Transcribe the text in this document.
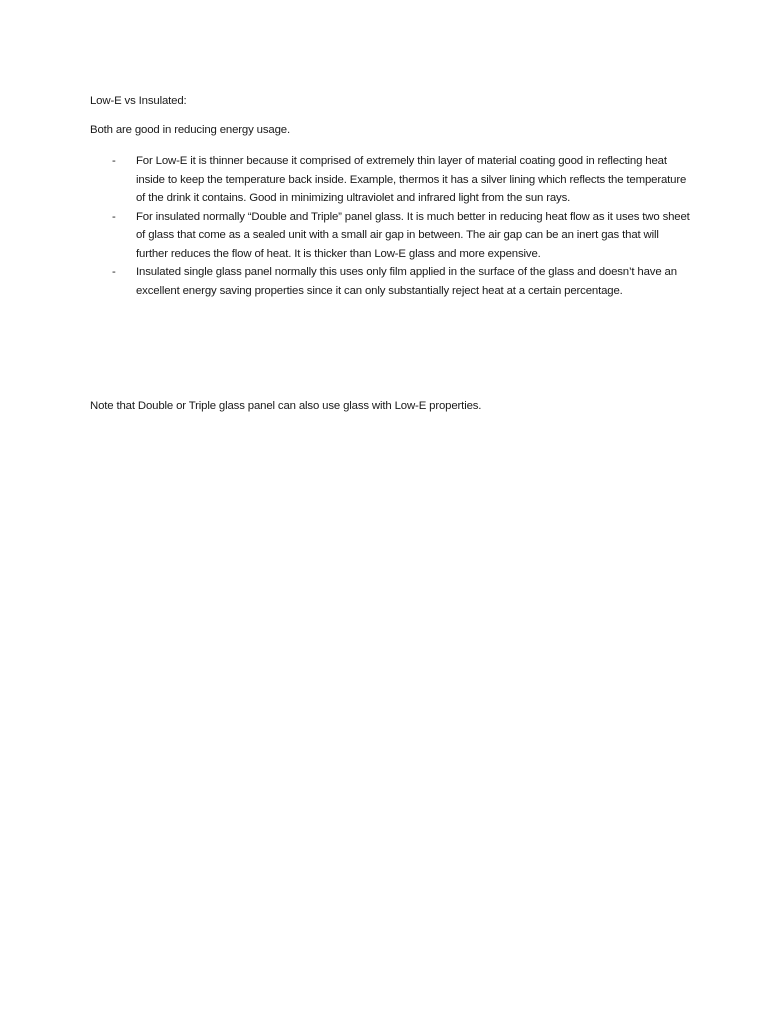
Low-E vs Insulated:

Both are good in reducing energy usage.

- For Low-E it is thinner because it comprised of extremely thin layer of material coating good in reflecting heat inside to keep the temperature back inside. Example, thermos it has a silver lining which reflects the temperature of the drink it contains. Good in minimizing ultraviolet and infrared light from the sun rays.
- For insulated normally “Double and Triple” panel glass. It is much better in reducing heat flow as it uses two sheet of glass that come as a sealed unit with a small air gap in between. The air gap can be an inert gas that will further reduces the flow of heat. It is thicker than Low-E glass and more expensive.
- Insulated single glass panel normally this uses only film applied in the surface of the glass and doesn’t have an excellent energy saving properties since it can only substantially reject heat at a certain percentage.

Note that Double or Triple glass panel can also use glass with Low-E properties.
